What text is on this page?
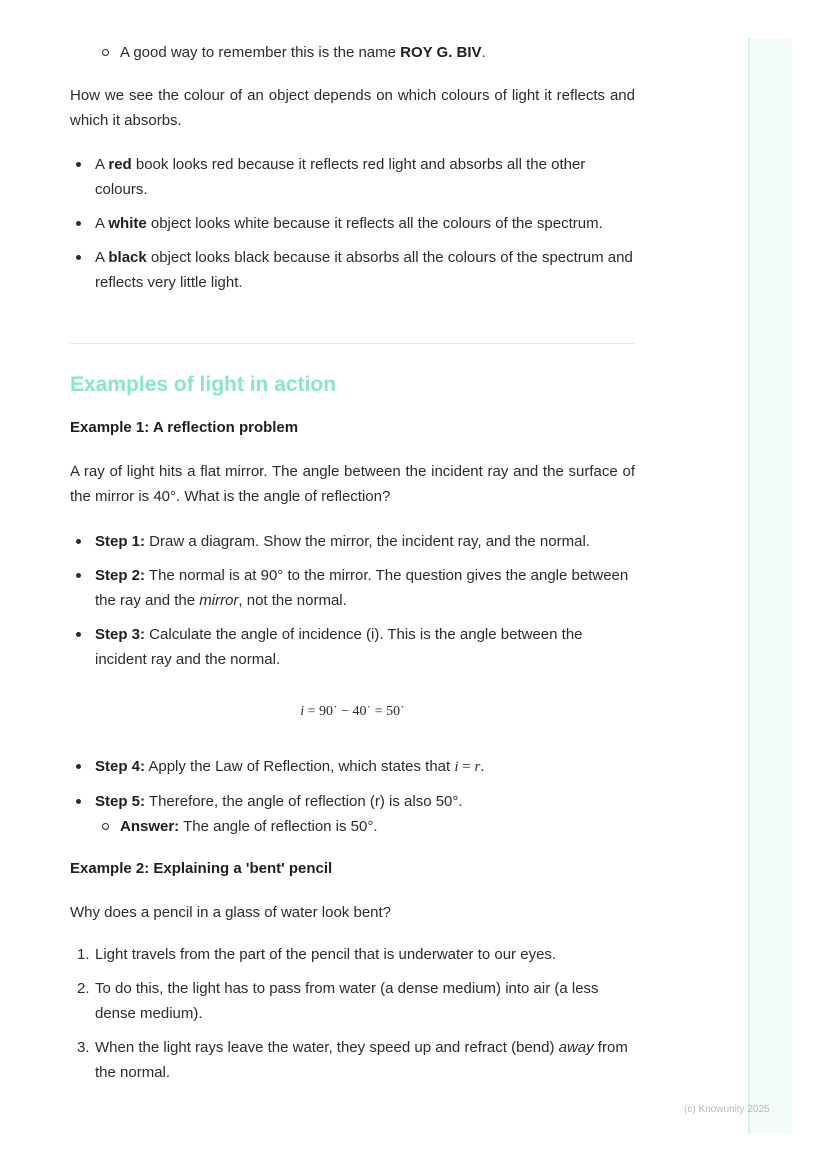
(c) Knowunity 2025
A good way to remember this is the name ROY G. BIV.

How we see the colour of an object depends on which colours of light it reflects and which it absorbs.

A red book looks red because it reflects red light and absorbs all the other colours.
A white object looks white because it reflects all the colours of the spectrum.
A black object looks black because it absorbs all the colours of the spectrum and reflects very little light.
Examples of light in action
Example 1: A reflection problem

A ray of light hits a flat mirror. The angle between the incident ray and the surface of the mirror is 40°. What is the angle of reflection?

Step 1: Draw a diagram. Show the mirror, the incident ray, and the normal.
Step 2: The normal is at 90° to the mirror. The question gives the angle between the ray and the mirror, not the normal.
Step 3: Calculate the angle of incidence (i). This is the angle between the incident ray and the normal.
i = 90˙ − 40˙ = 50˙
Step 4: Apply the Law of Reflection, which states that i = r.
Step 5: Therefore, the angle of reflection (r) is also 50°.
Answer: The angle of reflection is 50°.
Example 2: Explaining a 'bent' pencil

Why does a pencil in a glass of water look bent?

1. Light travels from the part of the pencil that is underwater to our eyes.
2. To do this, the light has to pass from water (a dense medium) into air (a less dense medium).
3. When the light rays leave the water, they speed up and refract (bend) away from the normal.
